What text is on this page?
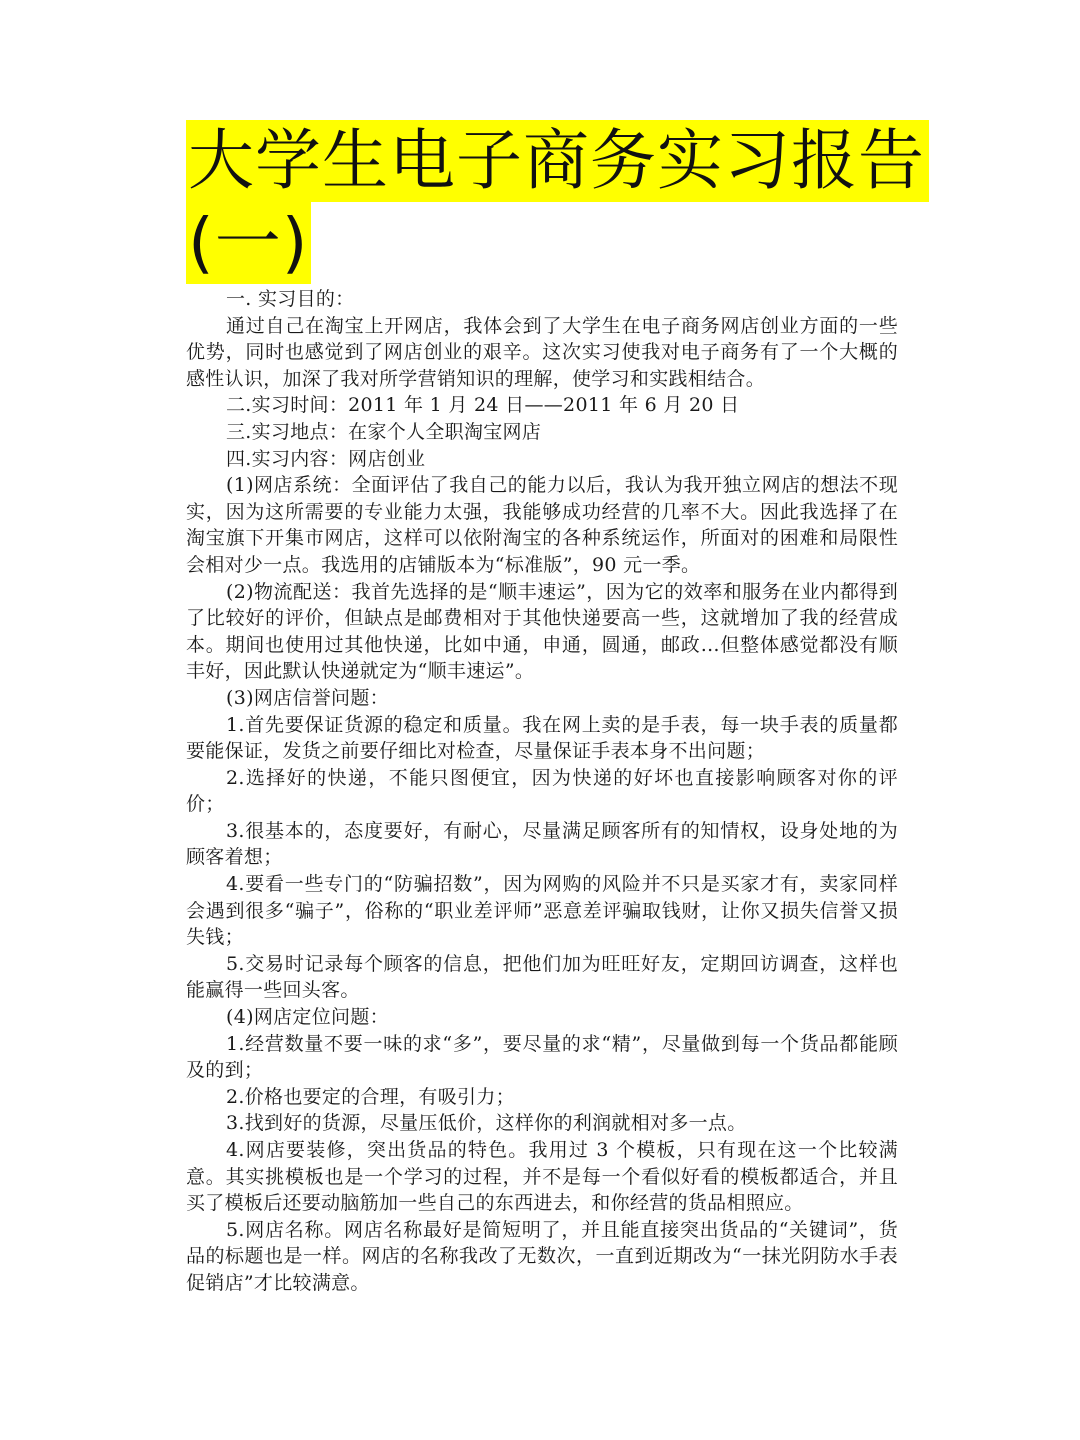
大学生电子商务实习报告
(一)

一. 实习目的：

通过自己在淘宝上开网店，我体会到了大学生在电子商务网店创业方面的一些优势，同时也感觉到了网店创业的艰辛。这次实习使我对电子商务有了一个大概的感性认识，加深了我对所学营销知识的理解，使学习和实践相结合。

二.实习时间：2011 年 1 月 24 日——2011 年 6 月 20 日

三.实习地点：在家个人全职淘宝网店

四.实习内容：网店创业

(1)网店系统：全面评估了我自己的能力以后，我认为我开独立网店的想法不现实，因为这所需要的专业能力太强，我能够成功经营的几率不大。因此我选择了在淘宝旗下开集市网店，这样可以依附淘宝的各种系统运作，所面对的困难和局限性会相对少一点。我选用的店铺版本为“标准版”，90 元一季。

(2)物流配送：我首先选择的是“顺丰速运”，因为它的效率和服务在业内都得到了比较好的评价，但缺点是邮费相对于其他快递要高一些，这就增加了我的经营成本。期间也使用过其他快递，比如中通，申通，圆通，邮政…但整体感觉都没有顺丰好，因此默认快递就定为“顺丰速运”。

(3)网店信誉问题：

1.首先要保证货源的稳定和质量。我在网上卖的是手表，每一块手表的质量都要能保证，发货之前要仔细比对检查，尽量保证手表本身不出问题；

2.选择好的快递，不能只图便宜，因为快递的好坏也直接影响顾客对你的评价；

3.很基本的，态度要好，有耐心，尽量满足顾客所有的知情权，设身处地的为顾客着想；

4.要看一些专门的“防骗招数”，因为网购的风险并不只是买家才有，卖家同样会遇到很多“骗子”，俗称的“职业差评师”恶意差评骗取钱财，让你又损失信誉又损失钱；

5.交易时记录每个顾客的信息，把他们加为旺旺好友，定期回访调查，这样也能赢得一些回头客。

(4)网店定位问题：

1.经营数量不要一味的求“多”，要尽量的求“精”，尽量做到每一个货品都能顾及的到；

2.价格也要定的合理，有吸引力；

3.找到好的货源，尽量压低价，这样你的利润就相对多一点。

4.网店要装修，突出货品的特色。我用过 3 个模板，只有现在这一个比较满意。其实挑模板也是一个学习的过程，并不是每一个看似好看的模板都适合，并且买了模板后还要动脑筋加一些自己的东西进去，和你经营的货品相照应。

5.网店名称。网店名称最好是简短明了，并且能直接突出货品的“关键词”，货品的标题也是一样。网店的名称我改了无数次，一直到近期改为“一抹光阴防水手表促销店”才比较满意。
